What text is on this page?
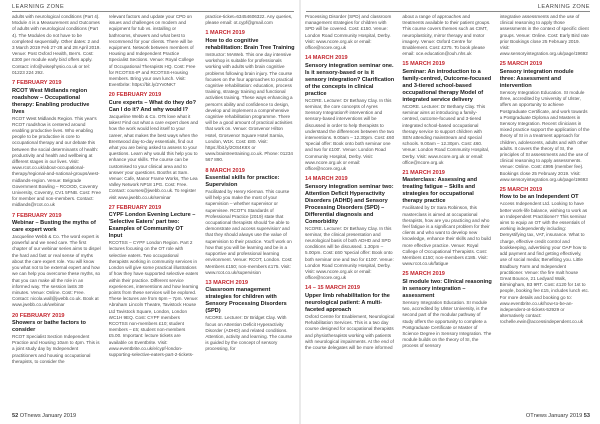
LEARNING ZONE
adults with neurological conditions (Part 4). Module 4 is a Measurement and Outcomes of adults with neurological conditions (Part 4). The Modules do not have to be completed sequentially. Other dates: 2 and 3 March 2019 Feb 27-28 and 28 April 2019. Venue: Post Oxford Health, Ben's. Cost: £300 per module early bird offers apply. Contact: info@wisephysio.co.uk or tel: 01223 224 292.
7 FEBRUARY 2019
RCOT West Midlands region roadshow – Occupational therapy: Enabling productive lives
RCOT West Midlands Region. This year's RCOT roadshow is centered around enabling productive lives. Who enabling people to be productive is core to occupational therapy and our debate this between the social determinants of health: productivity and health and wellbeing at different stages in our lives. Visit: www.rcot.co.uk/about-occupational-therapy/regional-and-national-groups/west-midlands-region. Venue: Belgrade Government Bowling – RCOOD, Coventry University, Coventry, CV1 5FNB. Cost: Free for member and non-members. Contact: midlands@rcot.co.uk
7 FEBRUARY 2019
Webinar – Busting the myths of care expert work
Jacqueline Webb & Co. The word expert is powerful and we need care. The first chapter of our webinar series aims to dispel the hard and fast or real sense of myths about the care expert role. You will know you what not to be external expert and how we can help you overcome these myths, so that you can make all the role in an informed way. The session lasts 30 minutes. Venue: Online. Cost: Free. Contact: nicola.wall@jwebb.co.uk. Book at www.jwebb.co.uk/webinar
20 FEBRUARY 2019
Showers or bathe factors to consider
RCOT Specialist Section Independent Practice and Housing 10am to 4pm. This is a joint study day by Independent practitioners and housing occupational therapists, to consider the
relevant factors and update your CPD on issues and challenges on modern and equipment for tub vs. installing or bathrooms, showers and what best to recommend for your clients. There will be equipment. Network between members of Housing and Independent Practice Specialist Sections. Venue: Royal College of Occupational Therapists HQ. Cost: Free for RCOTSS-IP and RCOTSS-Housing members. Bring your own lunch. Visit: Eventbrite: https://bit.ly/2Yv0NK7
20 FEBRUARY 2019
Cure experts – What do they do? Can I do it? And why would I?
Jacqueline Webb & Co. OTs love what it takes! Find out what a care expert does and how the work would lend itself to your career, what makes the best ways when the Brentwood day-to-day essentials, find out what you are being asked to assess to your questions. Learn why would this help you to enhance your skills. The course can be customised to your clinical area and to answer your questions. Booths at Sam. Venue: Cafe, Manor Frame Works, The Lea Valley Network NP18 1PG. Cost: Free. Contact: courses@jwebb.co.uk. To register visit www.jwebb.co.uk/seminar
27 FEBRUARY 2019
CYPF London Evening Lecture – 'Selective Eaters' part two: Examples of Community OT Input
RCOTSS – CYPF London Region. Part 2 lectures focusing on the OT role with selective eaters. Two occupational therapists working in community services in London will give some practical illustrations of how they have supported selective eaters within their practice. Different service experiences, interventions and how learning points from these services will be explored. These lectures are from 6pm – 7pm. Venue: Abraham Lincoln Theatre, Tavistock House Ltd Tavistock Square, London, London WC1H 9EQ. Cost: CYPF members RCOTSS non-members £10; student members – £5; student non-members £5.00. Important: lecture tickets are available on Eventbrite. Visit: www.eventbrite.co.uk/e/cypf-london-supporting-selective-eaters-part-2-tickets-
practice-ticket=63454606322. Any queries, please email: ot.cypf@gmail.com
1 MARCH 2019
How to do cognitive rehabilitation: Brain Tree Training
Instructor: MAWeb. This one day intensive workshop is suitable for professionals working with adults with brain cognitive problems following brain injury. The course focuses on the four approaches to practical cognitive rehabilitation: education, process training, strategy training and functional activities training. These ways enhancing a person's ability and confidence to design, develop and implement a comprehensive cognitive rehabilitation programme. There will be a good amount of practical activities that work on. Venue: Grosvenor Hilton Hotel, Grosvenor Square Hotel Sarnia, London, W1K. Cost: £80. Visit: https://bit.ly/2OS4K8X or www.braintreetraining.co.uk. Phone: 01234 567 890.
8 MARCH 2019
Essential skills for practice: Supervision
Facilitated by Henry Kiernan. This course will help you make the most of your supervision – whether supervisor or supervisee. RCOT's Standards of Professional Practice (2019) state that occupational therapists should 'be able to demonstrate and access supervision' and that they should always use the value of supervision to their practice. You'll work on how that you will be learning and be in a supportive and professional learning environment. Venue: RCOT, London. Cost: Members £150; non-members £175. Visit: www.rcot.co.uk/supervision
13 MARCH 2019
Classroom management strategies for children with Sensory Processing Disorders (SPD)
NCORE. Lecturer: Dr Bridget Clay. With focus on Attention Deficit Hyperactivity Disorder (ADHD) and related conditions. Attention, activity and learning. The course is guided by the concept of sensory processing, for
52 OTnews January 2019
LEARNING ZONE
Processing Disorder (SPD) and classroom management strategies for children with SPD will be covered. Cost: £150. Venue: London Road Community Hospital, Derby. Visit: www.ncore.org.uk or email: office@ncore.org.uk
14 MARCH 2019
Sensory integration seminar one. Is it sensory-based or is it sensory integration? Clarification of the concepts in clinical practice
NCORE. Lecturer: Dr Bethany Clay. In this seminar, the core concepts of Ayres Sensory Integration® intervention and sensory-based interventions will be discussed in order to help therapists to understand the differences between the two interventions. 9.00am – 12.30pm. Cost: £60 'special offer: Book onto both seminar one and two for £100'. Venue: London Road Community Hospital, Derby. Visit: www.ncore.org.uk or email: office@ncore.org.uk
14 MARCH 2019
Sensory integration seminar two: Attention Deficit Hyperactivity Disorders (ADHD) and Sensory Processing Disorders (SPD) – Differential diagnosis and Comorbidity
NCORE. Lecturer: Dr Bethany Clay. In this seminar, the clinical presentation and neurological basis of both ADHD and SPD conditions will be discussed. 1.30pm – 5.00pm. Cost: £60 'special offer: Book onto both seminar one and two for £100'. Venue: London Road Community Hospital, Derby. Visit: www.ncore.org.uk or email: office@ncore.org.uk
14 – 15 MARCH 2019
Upper limb rehabilitation for the neurological patient: A multi-faceted approach
Oxford Centre for Enablement, Neurological Rehabilitation Services. This is a two day course designed for occupational therapists and physiotherapists working with patients with neurological impairments. At the end of the course delegates will be more informed
about a range of approaches and treatments available to their patient groups. This course covers themes such as CIMT, neuroplasticity, mirror therapy and motor imagery. Venue: Oxford Centre for Enablement. Cost: £275. To book please email: oce.education@ouh.nhs.uk
15 MARCH 2019
Seminar: An introduction to a family-centred, Outcome-focused and 3-tiered school-based occupational therapy Model of integrated service delivery
NCORE. Lecturer: Dr Bethany Clay. This seminar aims at introducing a family-centred, outcome-focused and 3-tiered integrated school-based occupational therapy service to support children with SEN attending mainstream and special schools. 9.00am – 12.30pm. Cost: £60. Venue: London Road Community Hospital, Derby. Visit: www.ncore.org.uk or email: office@ncore.org.uk
21 MARCH 2019
Masterclass: Assessing and treating fatigue – Skills and strategies for occupational therapy practice
Facilitated by Dr Sara Robinson, this masterclass is aimed at occupational therapists, how are you practicing and who feel fatigue is a significant problem for their clients and who want to develop new knowledge, enhance their skills and to build more effective practice. Venue: Royal College of Occupational Therapists. Cost: Members £150; non-members £185. Visit: www.rcot.co.uk/fatigue
25 MARCH 2019
SI module two: Clinical reasoning in sensory integration – assessment
Sensory Integration Education. SI module two, accredited by Ulster University, is the second part of the modular pathway of study offers the opportunity to complete a Postgraduate Certificate or Master of Science Degree in Sensory Integration. The module builds on the theory of SI, the process of sensory
integrative assessments and the use of clinical reasoning to apply those assessments in the context of specific client groups. Venue: Online. Cost: Early Bird rate prior Bookings close 25 February 2019. Visit: www.sensoryintegration.org.uk/page/19692
25 MARCH 2019
Sensory integration module three: Assessment and intervention
Sensory Integration Education. SI module three, accredited by University of Ulster, offers an opportunity to achieve Postgraduate Certificate, and work towards a Postgraduate Diploma and Masters in Sensory Integration. Recent clinicians in mixed practice support the application of the theory of SI in a treatment approach for children, adolescents, adults and with other adults. It covers the theory of SI, the principles of SI assessments and the use of clinical reasoning to apply assessments. Venue: Online. Cost: £995 (member fee). Bookings close 25 February 2019. Visit: www.sensoryintegration.org.uk/page/19693
25 MARCH 2019
How to be an Independent OT
Access Independent Ltd. Looking to have better work-life balance, wishing to work as an Independent Practitioner? This seminar aims to equip an OT with the essentials of working independently including: Demystifying tax, VAT, insurance. What to charge, effective credit control and bookkeeping, advertising your OAP how to add payment and find getting effectively, use of social media; Benefiting you. Little Bradbury Farm and Independent practitioner. Venue: the fire malt house Great Bounce, 21 Ledyard Walk, Birmingham, B3 9RT. Cost: £120 for 1st to people, booking fee £15, includes lunch etc. For more details and booking go to: www.eventbrite.co.uk/how-to-be-an-independent-ot-tickets-52929 or alternatively contact: rochelle.ewin@accessindependent.co.uk
OTnews January 2019 53
